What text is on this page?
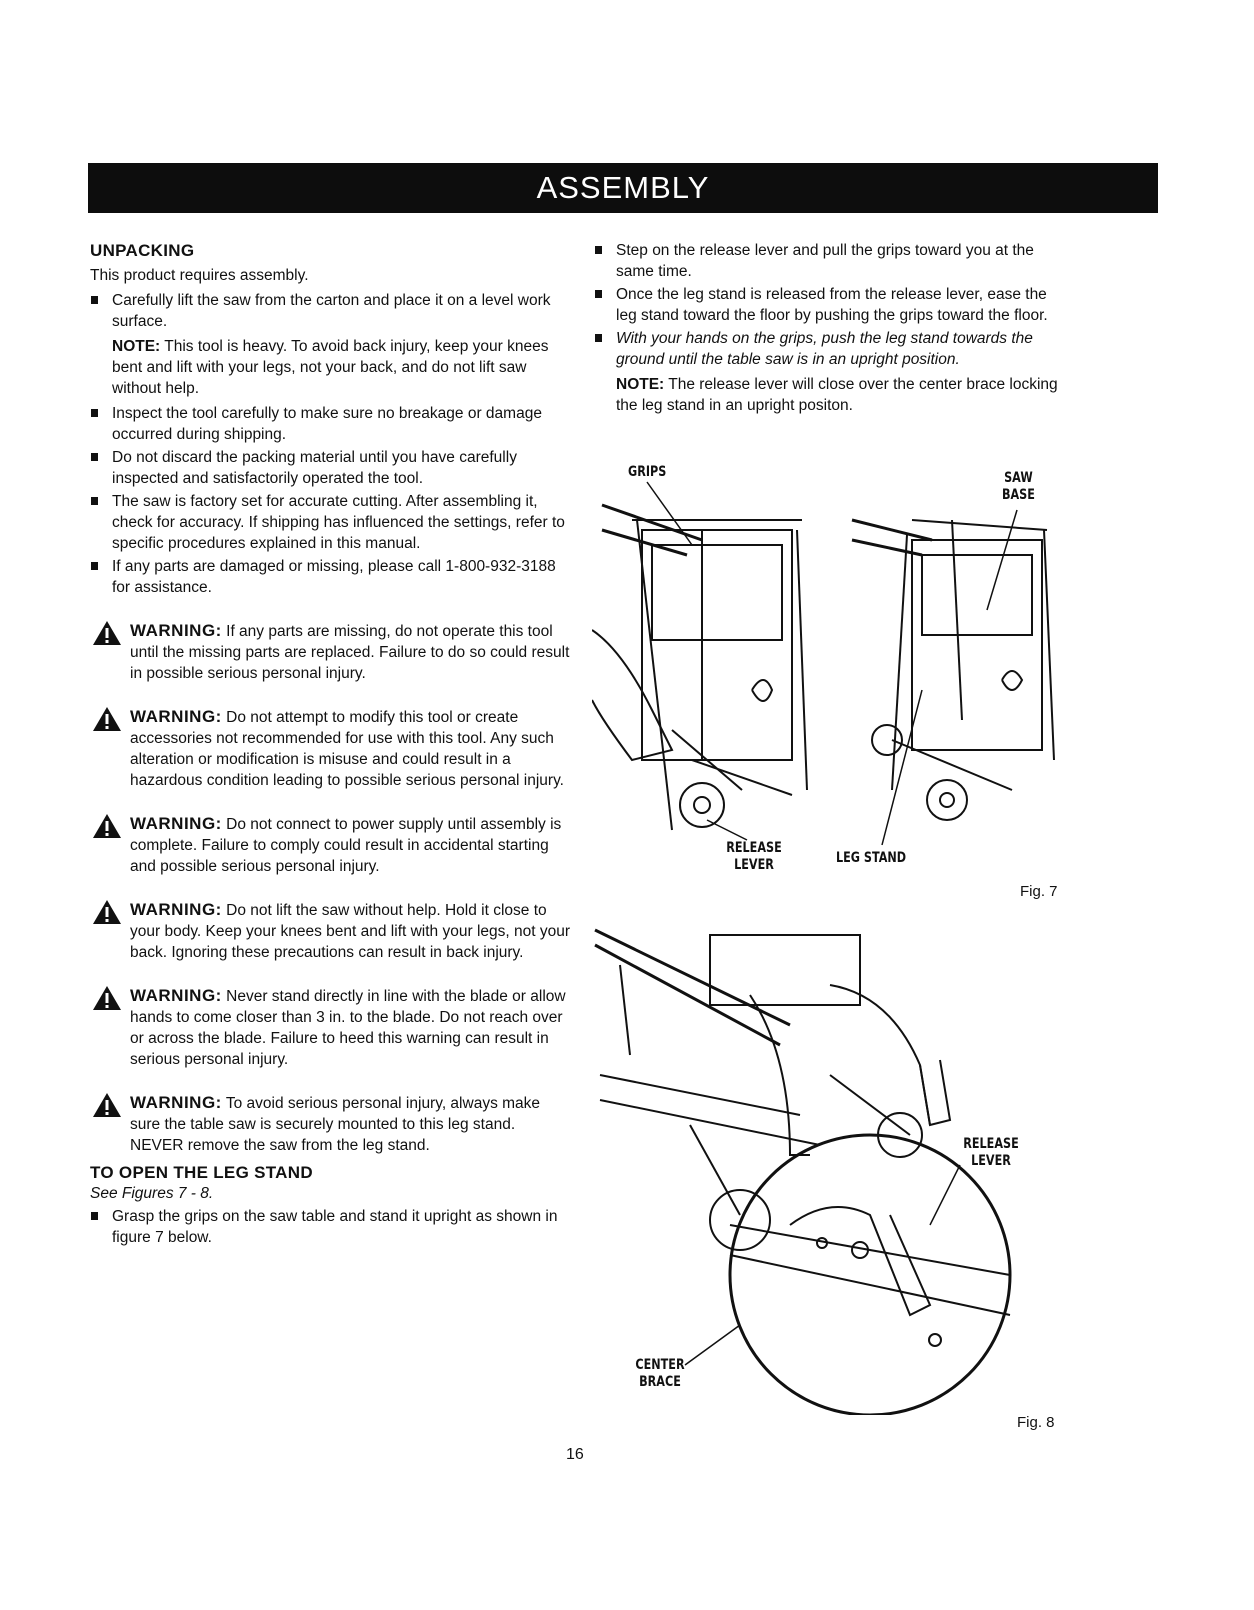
ASSEMBLY
UNPACKING

This product requires assembly.

Carefully lift the saw from the carton and place it on a level work surface.

NOTE: This tool is heavy. To avoid back injury, keep your knees bent and lift with your legs, not your back, and do not lift saw without help.

Inspect the tool carefully to make sure no breakage or damage occurred during shipping.

Do not discard the packing material until you have carefully inspected and satisfactorily operated the tool.

The saw is factory set for accurate cutting. After assembling it, check for accuracy. If shipping has influenced the settings, refer to specific procedures explained in this manual.

If any parts are damaged or missing, please call 1-800-932-3188 for assistance.

WARNING: If any parts are missing, do not operate this tool until the missing parts are replaced. Failure to do so could result in possible serious personal injury.
WARNING: Do not attempt to modify this tool or create accessories not recommended for use with this tool. Any such alteration or modification is misuse and could result in a hazardous condition leading to possible serious personal injury.
WARNING: Do not connect to power supply until assembly is complete. Failure to comply could result in accidental starting and possible serious personal injury.
WARNING: Do not lift the saw without help. Hold it close to your body. Keep your knees bent and lift with your legs, not your back. Ignoring these precautions can result in back injury.
WARNING: Never stand directly in line with the blade or allow hands to come closer than 3 in. to the blade. Do not reach over or across the blade. Failure to heed this warning can result in serious personal injury.
WARNING: To avoid serious personal injury, always make sure the table saw is securely mounted to this leg stand. NEVER remove the saw from the leg stand.
TO OPEN THE LEG STAND

See Figures 7 - 8.

Grasp the grips on the saw table and stand it upright as shown in figure 7 below.

Step on the release lever and pull the grips toward you at the same time.

Once the leg stand is released from the release lever, ease the leg stand toward the floor by pushing the grips toward the floor.

With your hands on the grips, push the leg stand towards the ground until the table saw is in an upright position.

NOTE: The release lever will close over the center brace locking the leg stand in an upright positon.

GRIPS	SAW BASE
RELEASE LEVER	LEG STAND
Fig. 7
RELEASE LEVER
CENTER BRACE
Fig. 8
16
